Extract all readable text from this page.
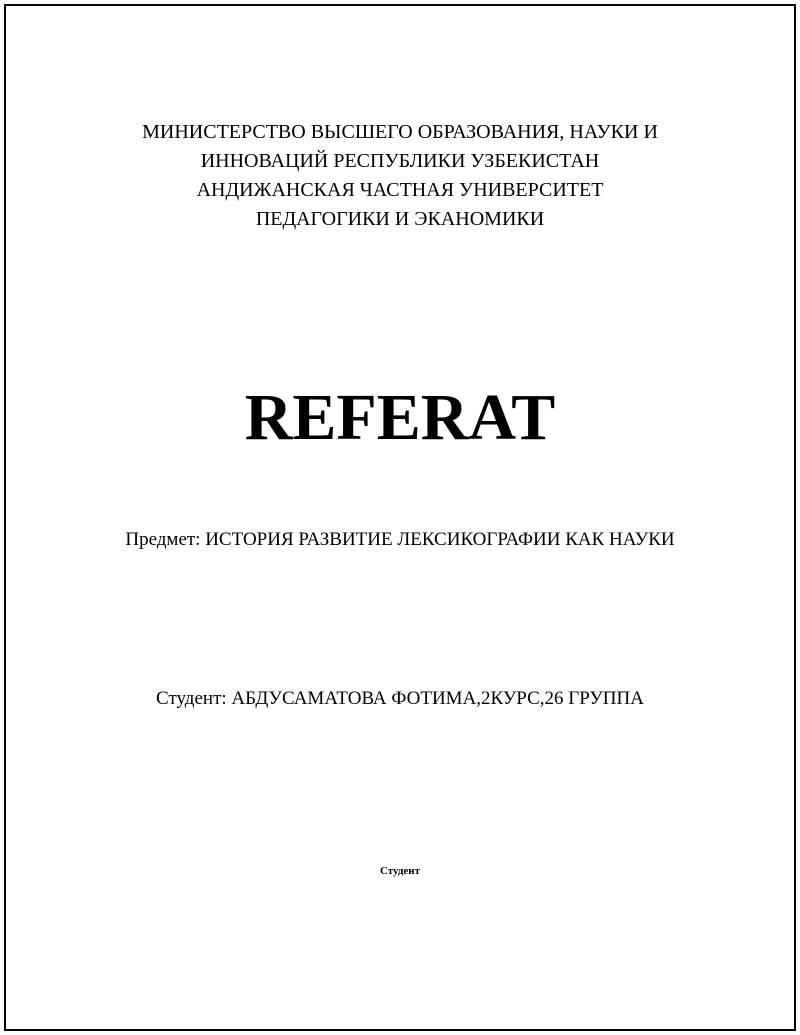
МИНИСТЕРСТВО ВЫСШЕГО ОБРАЗОВАНИЯ, НАУКИ И
ИННОВАЦИЙ РЕСПУБЛИКИ УЗБЕКИСТАН
АНДИЖАНСКАЯ ЧАСТНАЯ УНИВЕРСИТЕТ
ПЕДАГОГИКИ И ЭКАНОМИКИ
REFERAT
Предмет: ИСТОРИЯ РАЗВИТИЕ ЛЕКСИКОГРАФИИ КАК НАУКИ
Студент: АБДУСАМАТОВА ФОТИМА,2КУРС,26 ГРУППА
Студент
